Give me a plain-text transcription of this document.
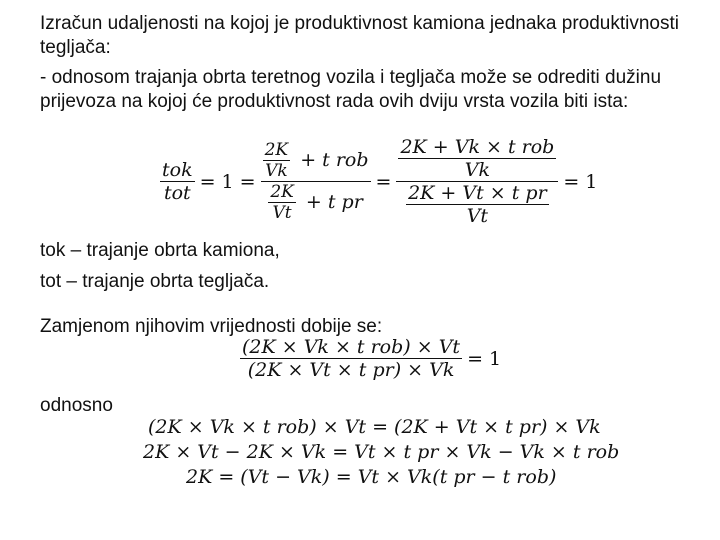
Izračun udaljenosti na kojoj je produktivnost kamiona jednaka produktivnosti
tegljača:
- odnosom trajanja obrta teretnog vozila i tegljača može se odrediti dužinu
prijevoza na kojoj će produktivnost rada ovih dviju vrsta vozila biti ista:
$\frac{\text{tok}}{\text{tot}} = 1 = \frac{\frac{2K}{Vk} + t rob}{\frac{2K}{Vt} + t pr} = \frac{\frac{\text{2K + Vk × t rob}}{Vk}}{\frac{\text{2K + Vt × t pr}}{Vt}} = 1$
tok – trajanje obrta kamiona,
tot – trajanje obrta tegljača.
Zamjenom njihovim vrijednosti dobije se:
$\frac{\text{(2K × Vk × t rob) × Vt}}{\text{(2K × Vt × t pr) × Vk}} = 1$
odnosno
(2K × Vk × t rob) × Vt = (2K + Vt × t pr) × Vk
2K × Vt − 2K × Vk = Vt × t pr × Vk − Vk × t rob
2K = (Vt − Vk) = Vt × Vk(t pr − t rob)
